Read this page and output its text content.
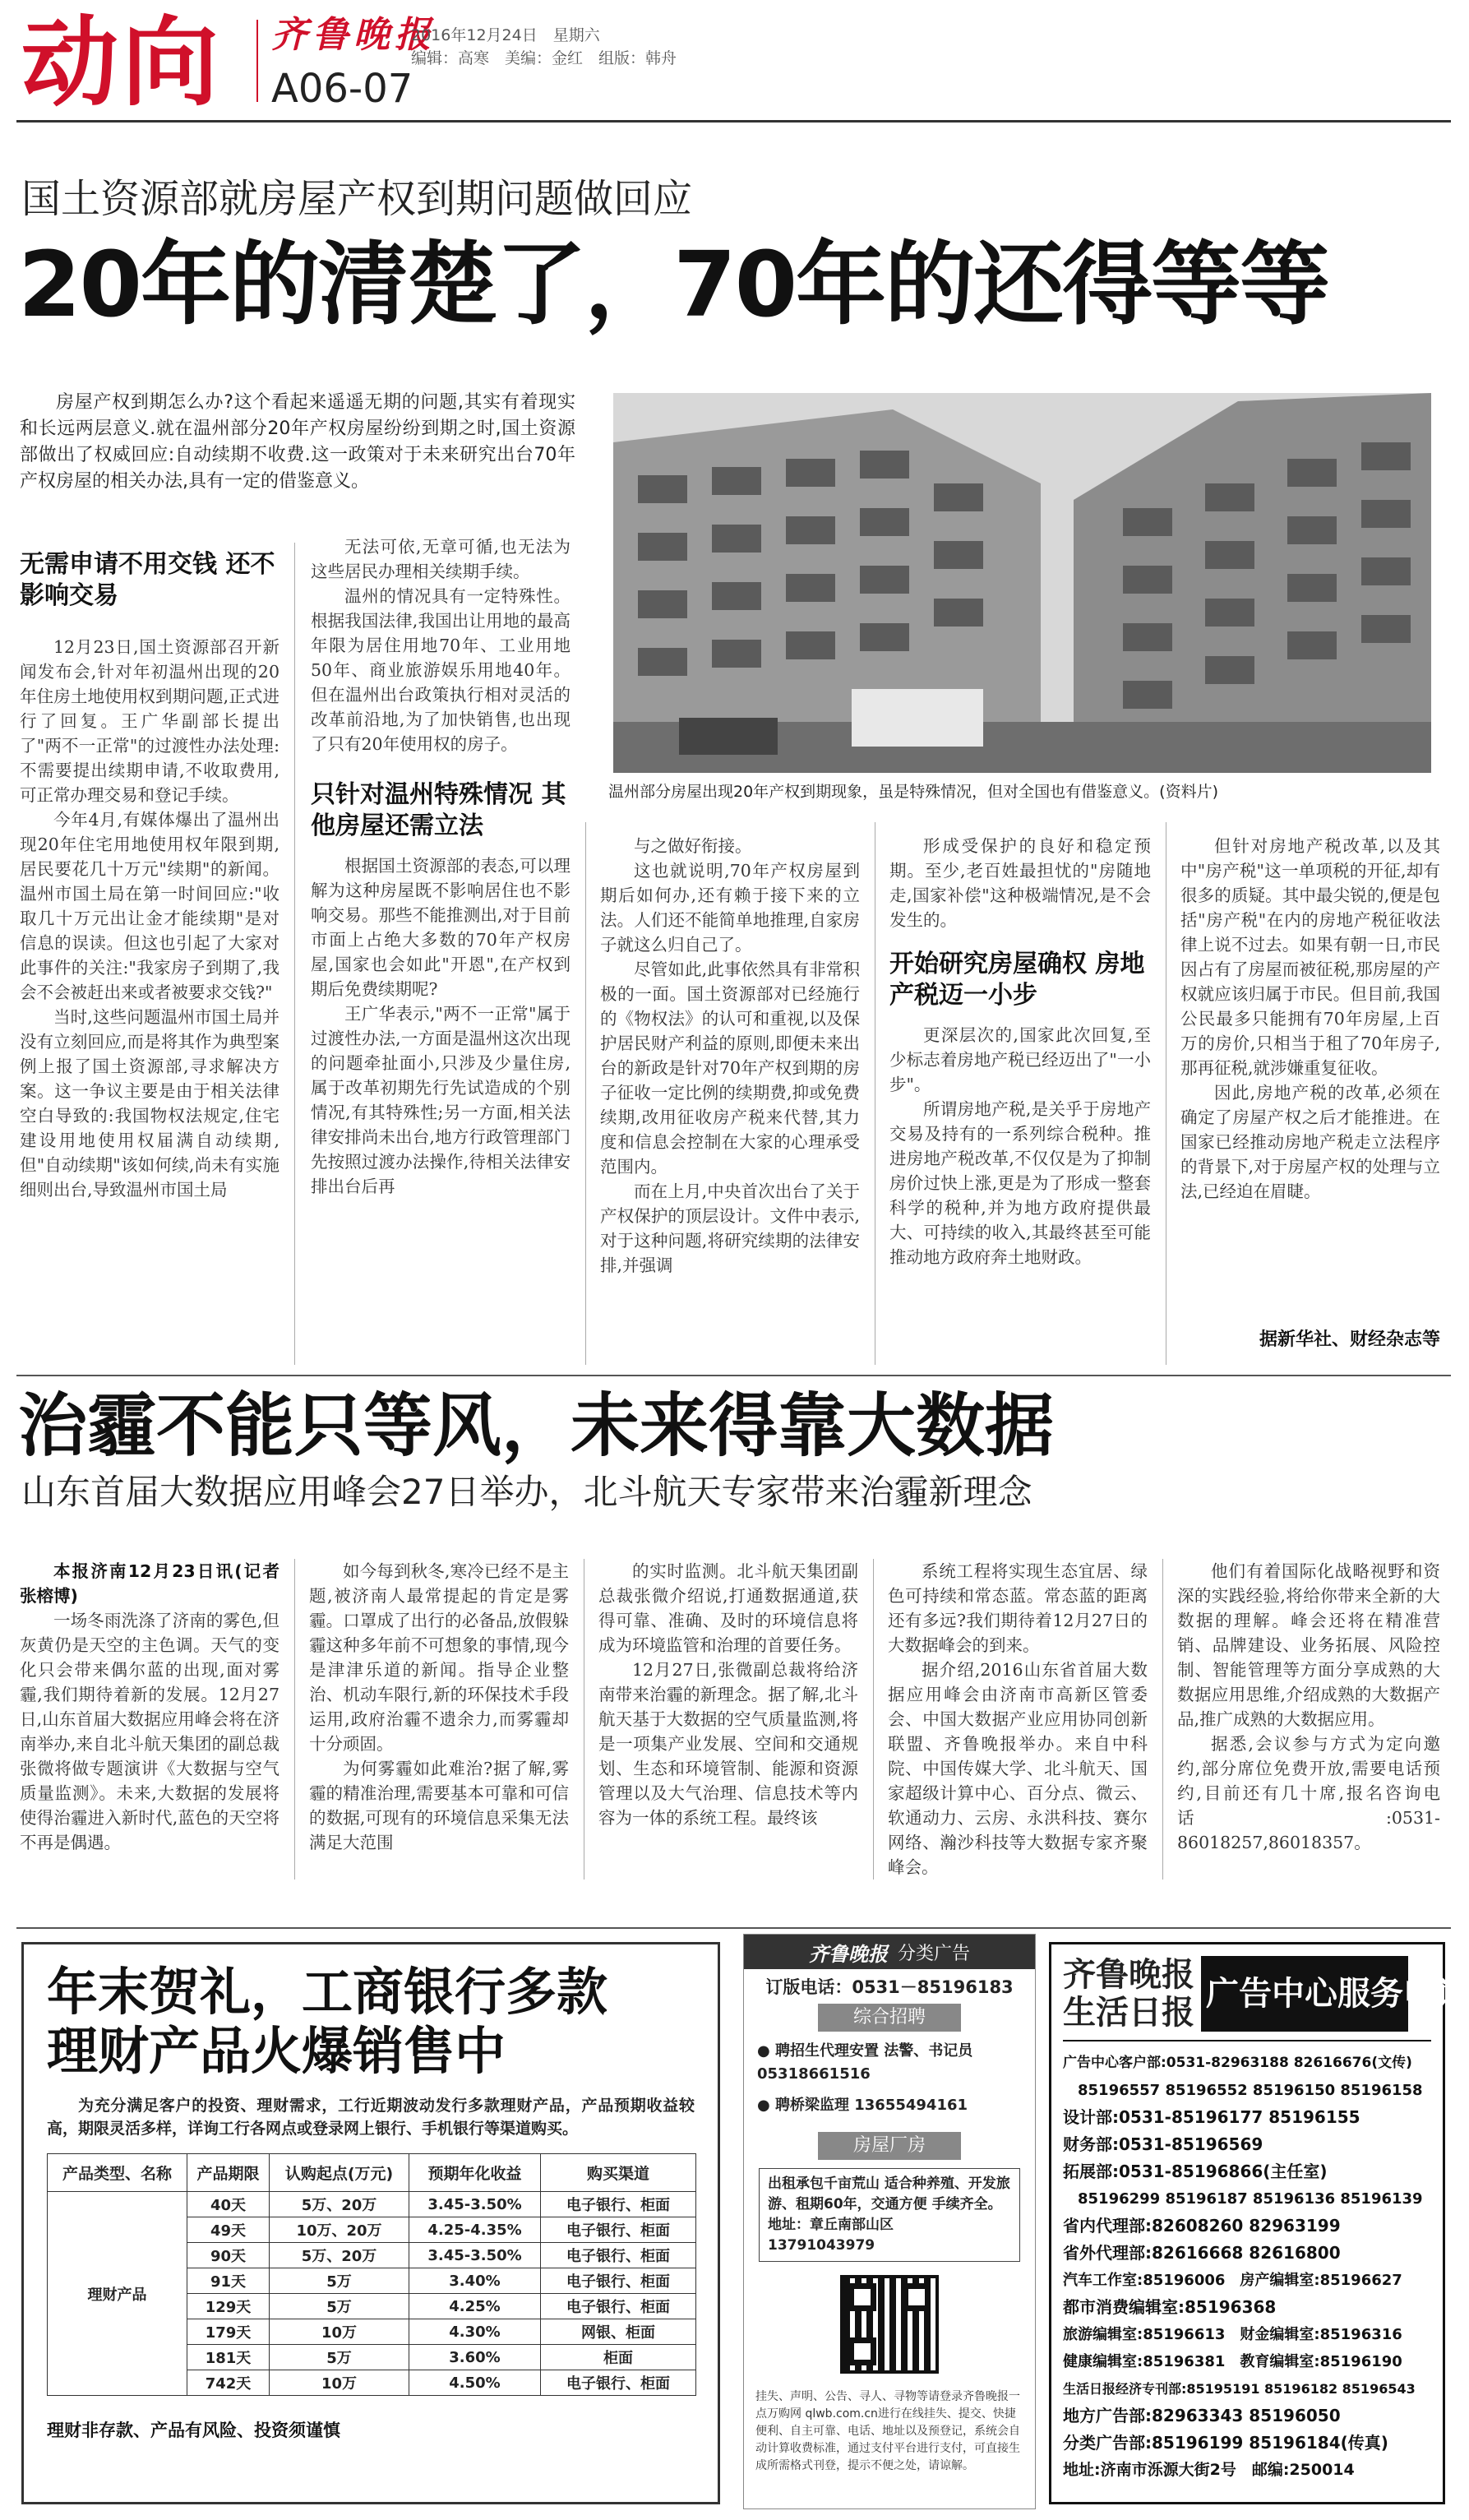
动向 齐鲁晚报
A06-07
2016年12月24日　 星期六
编辑：高寒　美编：金红　组版：韩舟
国土资源部就房屋产权到期问题做回应
20年的清楚了，70年的还得等等
房屋产权到期怎么办?这个看起来遥遥无期的问题,其实有着现实和长远两层意义.就在温州部分20年产权房屋纷纷到期之时,国土资源部做出了权威回应:自动续期不收费.这一政策对于未来研究出台70年产权房屋的相关办法,具有一定的借鉴意义。
温州部分房屋出现20年产权到期现象，虽是特殊情况，但对全国也有借鉴意义。(资料片)
无需申请不用交钱 还不影响交易

12月23日,国土资源部召开新闻发布会,针对年初温州出现的20年住房土地使用权到期问题,正式进行了回复。王广华副部长提出了"两不一正常"的过渡性办法处理:不需要提出续期申请,不收取费用,可正常办理交易和登记手续。

今年4月,有媒体爆出了温州出现20年住宅用地使用权年限到期,居民要花几十万元"续期"的新闻。温州市国土局在第一时间回应:"收取几十万元出让金才能续期"是对信息的误读。但这也引起了大家对此事件的关注:"我家房子到期了,我会不会被赶出来或者被要求交钱?"

当时,这些问题温州市国土局并没有立刻回应,而是将其作为典型案例上报了国土资源部,寻求解决方案。这一争议主要是由于相关法律空白导致的:我国物权法规定,住宅建设用地使用权届满自动续期,但"自动续期"该如何续,尚未有实施细则出台,导致温州市国土局

无法可依,无章可循,也无法为这些居民办理相关续期手续。

温州的情况具有一定特殊性。根据我国法律,我国出让用地的最高年限为居住用地70年、工业用地50年、商业旅游娱乐用地40年。但在温州出台政策执行相对灵活的改革前沿地,为了加快销售,也出现了只有20年使用权的房子。

只针对温州特殊情况 其他房屋还需立法

根据国土资源部的表态,可以理解为这种房屋既不影响居住也不影响交易。那些不能推测出,对于目前市面上占绝大多数的70年产权房屋,国家也会如此"开恩",在产权到期后免费续期呢?

王广华表示,"两不一正常"属于过渡性办法,一方面是温州这次出现的问题牵扯面小,只涉及少量住房,属于改革初期先行先试造成的个别情况,有其特殊性;另一方面,相关法律安排尚未出台,地方行政管理部门先按照过渡办法操作,待相关法律安排出台后再

与之做好衔接。

这也就说明,70年产权房屋到期后如何办,还有赖于接下来的立法。人们还不能简单地推理,自家房子就这么归自己了。

尽管如此,此事依然具有非常积极的一面。国土资源部对已经施行的《物权法》的认可和重视,以及保护居民财产利益的原则,即便未来出台的新政是针对70年产权到期的房子征收一定比例的续期费,抑或免费续期,改用征收房产税来代替,其力度和信息会控制在大家的心理承受范围内。

而在上月,中央首次出台了关于产权保护的顶层设计。文件中表示,对于这种问题,将研究续期的法律安排,并强调

形成受保护的良好和稳定预期。至少,老百姓最担忧的"房随地走,国家补偿"这种极端情况,是不会发生的。

开始研究房屋确权 房地产税迈一小步

更深层次的,国家此次回复,至少标志着房地产税已经迈出了"一小步"。

所谓房地产税,是关乎于房地产交易及持有的一系列综合税种。推进房地产税改革,不仅仅是为了抑制房价过快上涨,更是为了形成一整套科学的税种,并为地方政府提供最大、可持续的收入,其最终甚至可能推动地方政府奔土地财政。

但针对房地产税改革,以及其中"房产税"这一单项税的开征,却有很多的质疑。其中最尖锐的,便是包括"房产税"在内的房地产税征收法律上说不过去。如果有朝一日,市民因占有了房屋而被征税,那房屋的产权就应该归属于市民。但目前,我国公民最多只能拥有70年房屋,上百万的房价,只相当于租了70年房子,那再征税,就涉嫌重复征收。

因此,房地产税的改革,必须在确定了房屋产权之后才能推进。在国家已经推动房地产税走立法程序的背景下,对于房屋产权的处理与立法,已经迫在眉睫。

据新华社、财经杂志等
治霾不能只等风，未来得靠大数据
山东首届大数据应用峰会27日举办，北斗航天专家带来治霾新理念

本报济南12月23日讯(记者 张榕博)

一场冬雨洗涤了济南的雾色,但灰黄仍是天空的主色调。天气的变化只会带来偶尔蓝的出现,面对雾霾,我们期待着新的发展。12月27日,山东首届大数据应用峰会将在济南举办,来自北斗航天集团的副总裁张微将做专题演讲《大数据与空气质量监测》。未来,大数据的发展将使得治霾进入新时代,蓝色的天空将不再是偶遇。

如今每到秋冬,寒冷已经不是主题,被济南人最常提起的肯定是雾霾。口罩成了出行的必备品,放假躲霾这种多年前不可想象的事情,现今是津津乐道的新闻。指导企业整治、机动车限行,新的环保技术手段运用,政府治霾不遗余力,而雾霾却十分顽固。

为何雾霾如此难治?据了解,雾霾的精准治理,需要基本可靠和可信的数据,可现有的环境信息采集无法满足大范围

的实时监测。北斗航天集团副总裁张微介绍说,打通数据通道,获得可靠、准确、及时的环境信息将成为环境监管和治理的首要任务。

12月27日,张微副总裁将给济南带来治霾的新理念。据了解,北斗航天基于大数据的空气质量监测,将是一项集产业发展、空间和交通规划、生态和环境管制、能源和资源管理以及大气治理、信息技术等内容为一体的系统工程。最终该

系统工程将实现生态宜居、绿色可持续和常态蓝。常态蓝的距离还有多远?我们期待着12月27日的大数据峰会的到来。

据介绍,2016山东省首届大数据应用峰会由济南市高新区管委会、中国大数据产业应用协同创新联盟、齐鲁晚报举办。来自中科院、中国传媒大学、北斗航天、国家超级计算中心、百分点、微云、软通动力、云房、永洪科技、赛尔网络、瀚沙科技等大数据专家齐聚峰会。

他们有着国际化战略视野和资深的实践经验,将给你带来全新的大数据的理解。峰会还将在精准营销、品牌建设、业务拓展、风险控制、智能管理等方面分享成熟的大数据应用思维,介绍成熟的大数据产品,推广成熟的大数据应用。

据悉,会议参与方式为定向邀约,部分席位免费开放,需要电话预约,目前还有几十席,报名咨询电话:0531-86018257,86018357。

年末贺礼，工商银行多款
理财产品火爆销售中
为充分满足客户的投资、理财需求，工行近期波动发行多款理财产品，产品预期收益较高，期限灵活多样，详询工行各网点或登录网上银行、手机银行等渠道购买。
产品类型、名称	产品期限	认购起点(万元)	预期年化收益	购买渠道
理财产品	40天	5万、20万	3.45-3.50%	电子银行、柜面
	49天	10万、20万	4.25-4.35%	电子银行、柜面
	90天	5万、20万	3.45-3.50%	电子银行、柜面
	91天	5万	3.40%	电子银行、柜面
	129天	5万	4.25%	电子银行、柜面
	179天	10万	4.30%	网银、柜面
	181天	5万	3.60%	柜面
	742天	10万	4.50%	电子银行、柜面
理财非存款、产品有风险、投资须谨慎
齐鲁晚报 分类广告
订版电话：0531－85196183
综合招聘
● 聘招生代理安置 法警、书记员 05318661516
● 聘桥梁监理 13655494161
房屋厂房
出租承包千亩荒山 适合种养殖、开发旅游、租期60年，交通方便 手续齐全。地址：章丘南部山区
13791043979
挂失、声明、公告、寻人、寻物等请登录齐鲁晚报一点万购网 qlwb.com.cn进行在线挂失、提交、快捷便利、自主可靠、电话、地址以及预登记，系统会自动计算收费标准，通过支付平台进行支付，可直接生成所需格式刊登，提示不便之处，请谅解。
齐鲁晚报
生活日报 广告中心服务电话
广告中心客户部:0531-82963188 82616676(文传)
　85196557 85196552 85196150 85196158
设计部:0531-85196177 85196155
财务部:0531-85196569
拓展部:0531-85196866(主任室)
　85196299 85196187 85196136 85196139
省内代理部:82608260 82963199
省外代理部:82616668 82616800
汽车工作室:85196006　房产编辑室:85196627
都市消费编辑室:85196368
旅游编辑室:85196613　财金编辑室:85196316
健康编辑室:85196381　教育编辑室:85196190
生活日报经济专刊部:85195191 85196182 85196543
地方广告部:82963343 85196050
分类广告部:85196199 85196184(传真)
地址:济南市泺源大街2号　邮编:250014
